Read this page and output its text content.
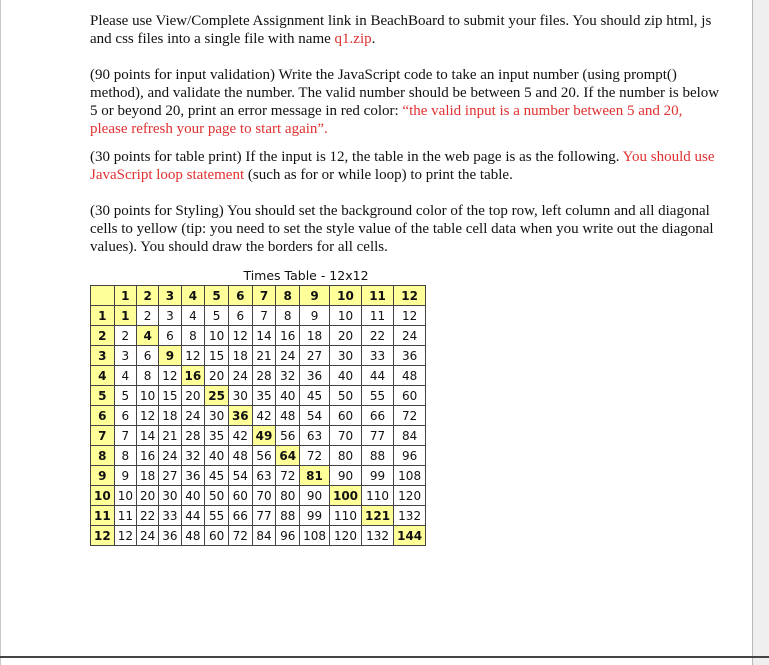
Please use View/Complete Assignment link in BeachBoard to submit your files. You should zip html, js and css files into a single file with name q1.zip.

(90 points for input validation) Write the JavaScript code to take an input number (using prompt() method), and validate the number. The valid number should be between 5 and 20. If the number is below 5 or beyond 20, print an error message in red color: “the valid input is a number between 5 and 20, please refresh your page to start again”.

(30 points for table print) If the input is 12, the table in the web page is as the following. You should use JavaScript loop statement (such as for or while loop) to print the table.

(30 points for Styling) You should set the background color of the top row, left column and all diagonal cells to yellow (tip: you need to set the style value of the table cell data when you write out the diagonal values). You should draw the borders for all cells.

Times Table - 12x12
	1	2	3	4	5	6	7	8	9	10	11	12
1	1	2	3	4	5	6	7	8	9	10	11	12
2	2	4	6	8	10	12	14	16	18	20	22	24
3	3	6	9	12	15	18	21	24	27	30	33	36
4	4	8	12	16	20	24	28	32	36	40	44	48
5	5	10	15	20	25	30	35	40	45	50	55	60
6	6	12	18	24	30	36	42	48	54	60	66	72
7	7	14	21	28	35	42	49	56	63	70	77	84
8	8	16	24	32	40	48	56	64	72	80	88	96
9	9	18	27	36	45	54	63	72	81	90	99	108
10	10	20	30	40	50	60	70	80	90	100	110	120
11	11	22	33	44	55	66	77	88	99	110	121	132
12	12	24	36	48	60	72	84	96	108	120	132	144
